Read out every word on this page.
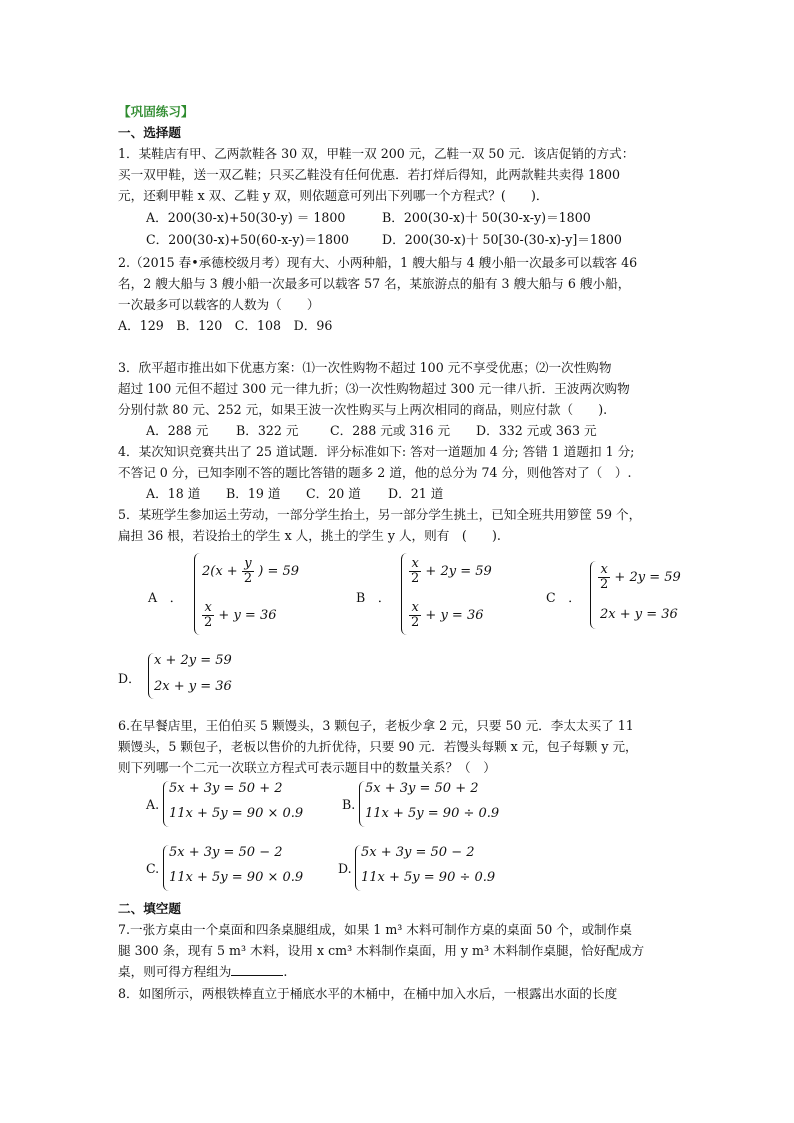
【巩固练习】
一、选择题
1．某鞋店有甲、乙两款鞋各 30 双，甲鞋一双 200 元，乙鞋一双 50 元．该店促销的方式：
买一双甲鞋，送一双乙鞋；只买乙鞋没有任何优惠．若打烊后得知，此两款鞋共卖得 1800
元，还剩甲鞋 x 双、乙鞋 y 双，则依题意可列出下列哪一个方程式？(　　)．
A．200(30-x)+50(30-y) ＝ 1800	B．200(30-x)十 50(30-x-y)＝1800
C．200(30-x)+50(60-x-y)＝1800	D．200(30-x)十 50[30-(30-x)-y]＝1800
2.（2015 春•承德校级月考）现有大、小两种船，1 艘大船与 4 艘小船一次最多可以载客 46
名，2 艘大船与 3 艘小船一次最多可以载客 57 名，某旅游点的船有 3 艘大船与 6 艘小船，
一次最多可以载客的人数为（　　）
A．129　B．120　C．108　D．96
3．欣平超市推出如下优惠方案：⑴一次性购物不超过 100 元不享受优惠；⑵一次性购物
超过 100 元但不超过 300 元一律九折；⑶一次性购物超过 300 元一律八折．王波两次购物
分别付款 80 元、252 元，如果王波一次性购买与上两次相同的商品，则应付款（　　).
A．288 元 B．322 元	C．288 元或 316 元 D．332 元或 363 元
4．某次知识竞赛共出了 25 道试题．评分标准如下: 答对一道题加 4 分; 答错 1 道题扣 1 分;
不答记 0 分，已知李刚不答的题比答错的题多 2 道，他的总分为 74 分，则他答对了（　）.
A．18 道 B．19 道 C．20 道 D．21 道
5．某班学生参加运土劳动，一部分学生抬土，另一部分学生挑土，已知全班共用箩筐 59 个，
扁担 36 根，若设抬土的学生 x 人，挑土的学生 y 人，则有　(　　).
A　．
$2(x + \frac{y}{2}$ ) = 59
$\frac{x}{2} + y = 36$
B　．
$\frac{x}{2} + 2y = 59$
$\frac{x}{2} + y = 36$
C　．
$\frac{x}{2} + 2y = 59$
2x + y = 36
D．
x + 2y = 59
2x + y = 36
6.在早餐店里，王伯伯买 5 颗馒头，3 颗包子，老板少拿 2 元，只要 50 元．李太太买了 11
颗馒头，5 颗包子，老板以售价的九折优待，只要 90 元．若馒头每颗 x 元，包子每颗 y 元，
则下列哪一个二元一次联立方程式可表示题目中的数量关系？（　）
A.
5x + 3y = 50 + 2
11x + 5y = 90 × 0.9
B.
5x + 3y = 50 + 2
11x + 5y = 90 ÷ 0.9
C.
5x + 3y = 50 − 2
11x + 5y = 90 × 0.9
D.
5x + 3y = 50 − 2
11x + 5y = 90 ÷ 0.9
二、填空题
7.一张方桌由一个桌面和四条桌腿组成，如果 1 m³ 木料可制作方桌的桌面 50 个，或制作桌
腿 300 条，现有 5 m³ 木料，设用 x cm³ 木料制作桌面，用 y m³ 木料制作桌腿，恰好配成方
桌，则可得方程组为	.
8．如图所示，两根铁棒直立于桶底水平的木桶中，在桶中加入水后，一根露出水面的长度
